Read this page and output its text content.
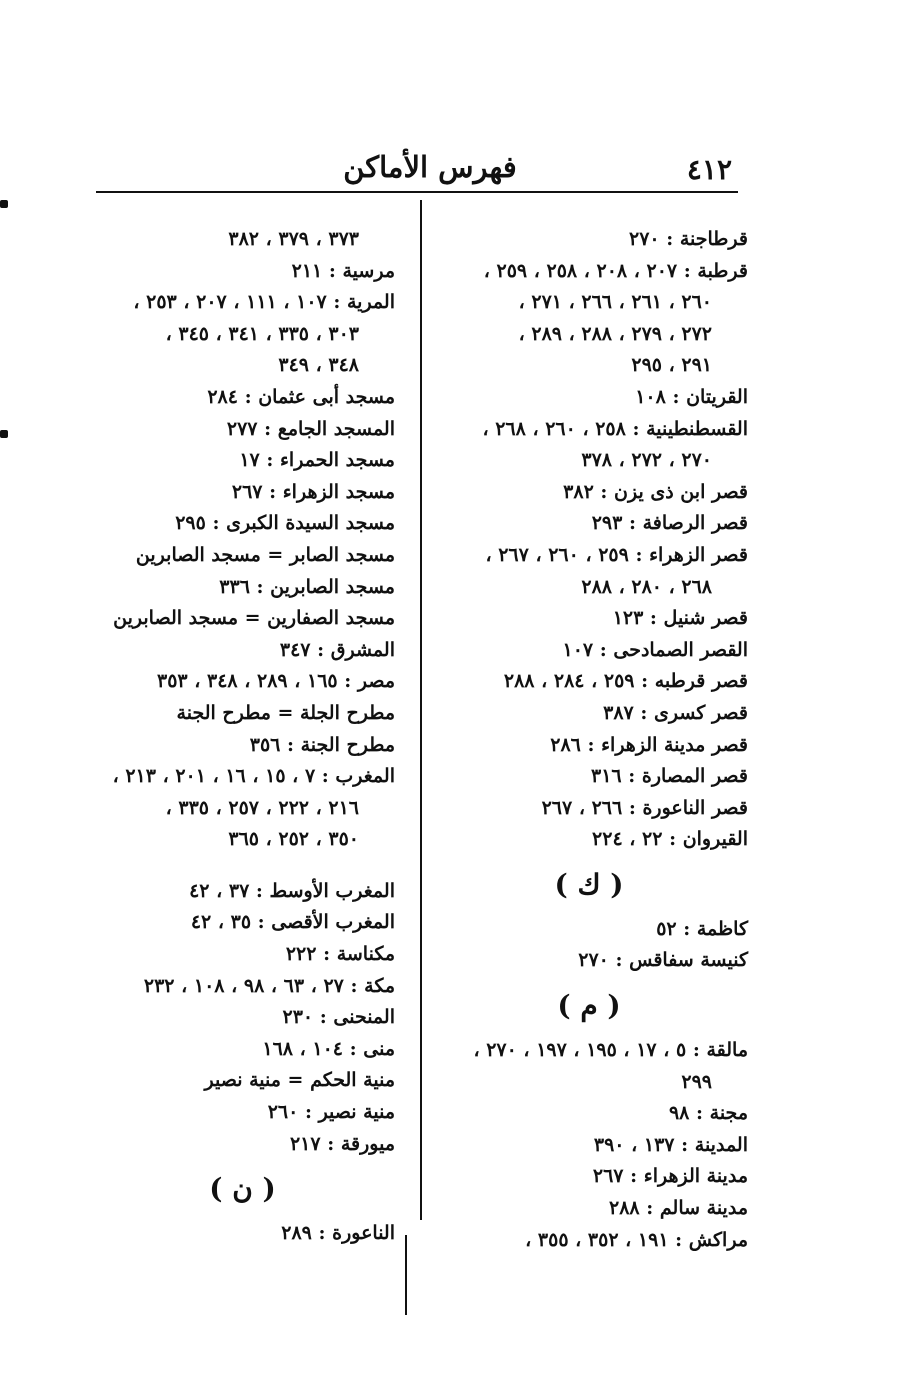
٤١٢
فهرس الأماكن
قرطاجنة : ٢٧٠
قرطبة : ٢٠٧ ، ٢٠٨ ، ٢٥٨ ، ٢٥٩ ،
٢٦٠ ، ٢٦١ ، ٢٦٦ ، ٢٧١ ،
٢٧٢ ، ٢٧٩ ، ٢٨٨ ، ٢٨٩ ،
٢٩١ ، ٢٩٥
القريتان : ١٠٨
القسطنطينية : ٢٥٨ ، ٢٦٠ ، ٢٦٨ ،
٢٧٠ ، ٢٧٢ ، ٣٧٨
قصر ابن ذى يزن : ٣٨٢
قصر الرصافة : ٢٩٣
قصر الزهراء : ٢٥٩ ، ٢٦٠ ، ٢٦٧ ،
٢٦٨ ، ٢٨٠ ، ٢٨٨
قصر شنيل : ١٢٣
القصر الصمادحى : ١٠٧
قصر قرطبه : ٢٥٩ ، ٢٨٤ ، ٢٨٨
قصر كسرى : ٣٨٧
قصر مدينة الزهراء : ٢٨٦
قصر المصارة : ٣١٦
قصر الناعورة : ٢٦٦ ، ٢٦٧
القيروان : ٢٢ ، ٢٢٤
( ك )
كاظمة : ٥٢
كنيسة سفاقس : ٢٧٠
( م )
مالقة : ٥ ، ١٧ ، ١٩٥ ، ١٩٧ ، ٢٧٠ ،
٢٩٩
مجنة : ٩٨
المدينة : ١٣٧ ، ٣٩٠
مدينة الزهراء : ٢٦٧
مدينة سالم : ٢٨٨
مراكش : ١٩١ ، ٣٥٢ ، ٣٥٥ ،
٣٧٣ ، ٣٧٩ ، ٣٨٢
مرسية : ٢١١
المرية : ١٠٧ ، ١١١ ، ٢٠٧ ، ٢٥٣ ،
٣٠٣ ، ٣٣٥ ، ٣٤١ ، ٣٤٥ ،
٣٤٨ ، ٣٤٩
مسجد أبى عثمان : ٢٨٤
المسجد الجامع : ٢٧٧
مسجد الحمراء : ١٧
مسجد الزهراء : ٢٦٧
مسجد السيدة الكبرى : ٢٩٥
مسجد الصابر = مسجد الصابرين
مسجد الصابرين : ٣٣٦
مسجد الصفارين = مسجد الصابرين
المشرق : ٣٤٧
مصر : ١٦٥ ، ٢٨٩ ، ٣٤٨ ، ٣٥٣
مطرح الجلة = مطرح الجنة
مطرح الجنة : ٣٥٦
المغرب : ٧ ، ١٥ ، ١٦ ، ٢٠١ ، ٢١٣ ،
٢١٦ ، ٢٢٢ ، ٢٥٧ ، ٣٣٥ ،
٣٥٠ ، ٢٥٢ ، ٣٦٥
المغرب الأوسط : ٣٧ ، ٤٢
المغرب الأقصى : ٣٥ ، ٤٢
مكناسة : ٢٢٢
مكة : ٢٧ ، ٦٣ ، ٩٨ ، ١٠٨ ، ٢٣٢
المنحنى : ٢٣٠
منى : ١٠٤ ، ١٦٨
منية الحكم = منية نصير
منية نصير : ٢٦٠
ميورقة : ٢١٧
( ن )
الناعورة : ٢٨٩
